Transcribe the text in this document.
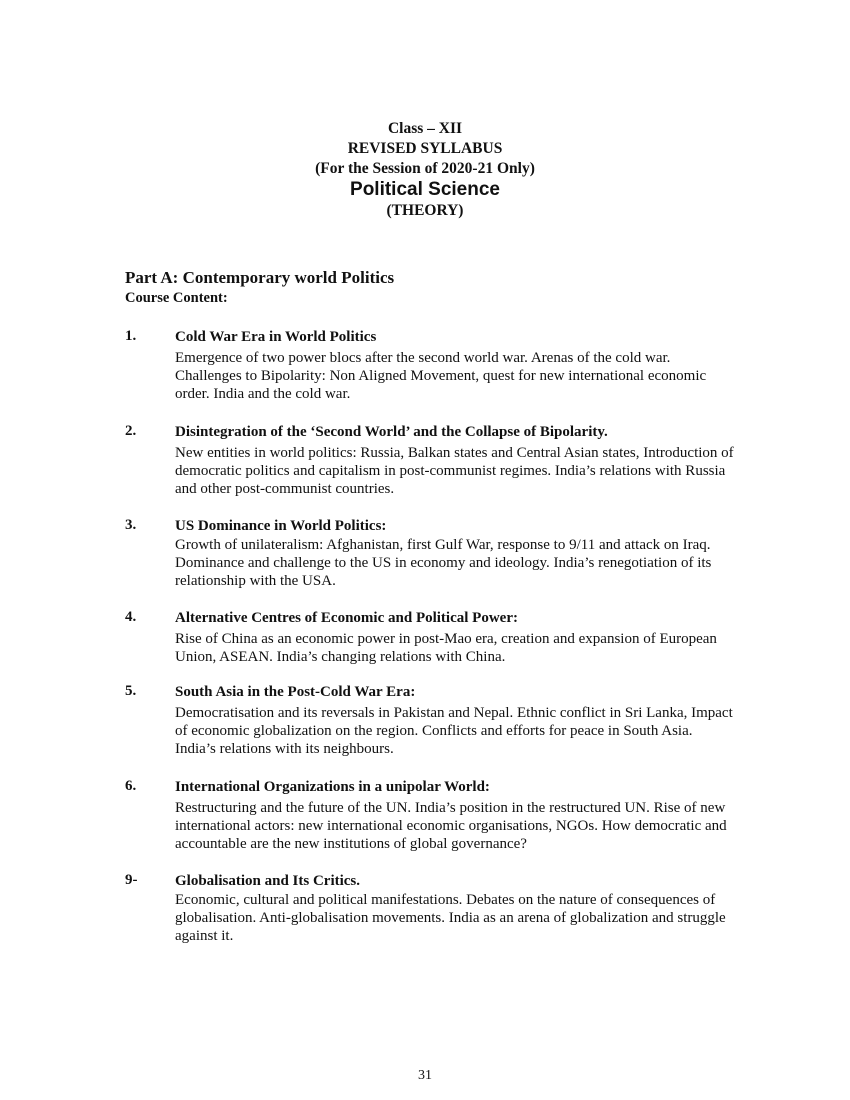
Class – XII
REVISED SYLLABUS
(For the Session of 2020-21 Only)
Political Science
(THEORY)
Part A: Contemporary world Politics
Course Content:
1.	Cold War Era in World Politics
Emergence of two power blocs after the second world war. Arenas of the cold war.
Challenges to Bipolarity: Non Aligned Movement, quest for new international economic
order. India and the cold war.
2.	Disintegration of the ‘Second World’ and the Collapse of Bipolarity.
New entities in world politics: Russia, Balkan states and Central Asian states, Introduction of
democratic politics and capitalism in post-communist regimes. India’s relations with Russia
and other post-communist countries.
3.	US Dominance in World Politics:
Growth of unilateralism: Afghanistan, first Gulf War, response to 9/11 and attack on Iraq.
Dominance and challenge to the US in economy and ideology. India’s renegotiation of its
relationship with the USA.
4.	Alternative Centres of Economic and Political Power:
Rise of China as an economic power in post-Mao era, creation and expansion of European
Union, ASEAN. India’s changing relations with China.
5.	South Asia in the Post-Cold War Era:
Democratisation and its reversals in Pakistan and Nepal. Ethnic conflict in Sri Lanka, Impact
of economic globalization on the region. Conflicts and efforts for peace in South Asia.
India’s relations with its neighbours.
6.	International Organizations in a unipolar World:
Restructuring and the future of the UN. India’s position in the restructured UN. Rise of new
international actors: new international economic organisations, NGOs. How democratic and
accountable are the new institutions of global governance?
9-	Globalisation and Its Critics.
Economic, cultural and political manifestations. Debates on the nature of consequences of
globalisation. Anti-globalisation movements. India as an arena of globalization and struggle
against it.
31
